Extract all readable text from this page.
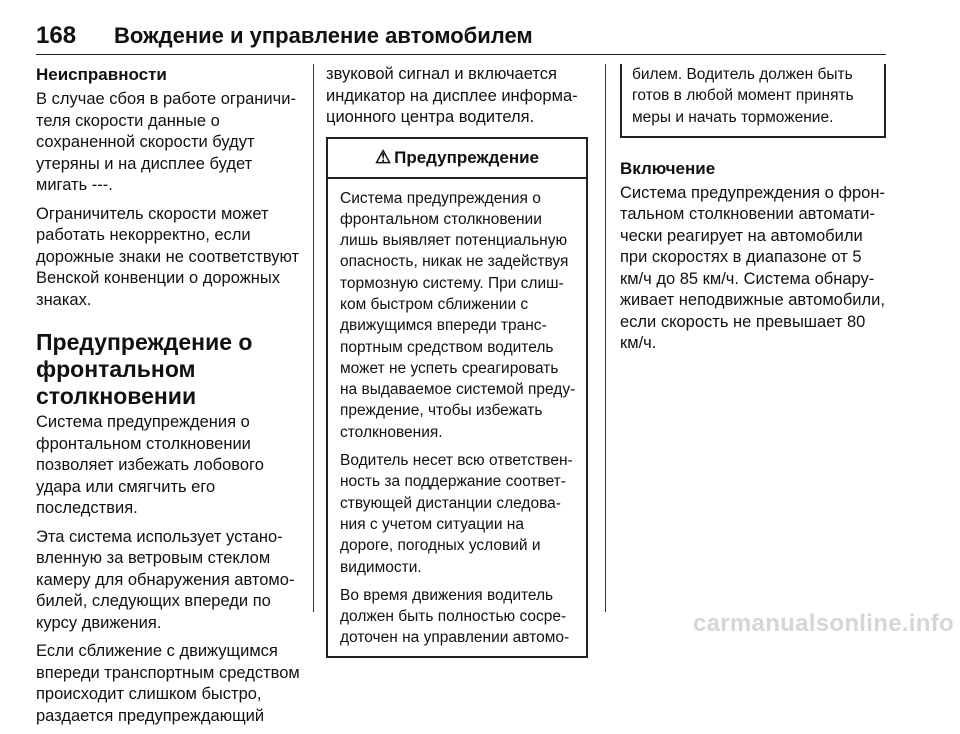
168 Вождение и управление автомобилем
Неисправности
В случае сбоя в работе ограничителя скорости данные о сохраненной скорости будут утеряны и на дисплее будет мигать ---.
Ограничитель скорости может работать некорректно, если дорожные знаки не соответствуют Венской конвенции о дорожных знаках.
Предупреждение о фронтальном столкновении
Система предупреждения о фронтальном столкновении позволяет избежать лобового удара или смягчить его последствия.
Эта система использует установленную за ветровым стеклом камеру для обнаружения автомобилей, следующих впереди по курсу движения.
Если сближение с движущимся впереди транспортным средством происходит слишком быстро, раздается предупреждающий
звуковой сигнал и включается индикатор на дисплее информационного центра водителя.
⚠ Предупреждение
Система предупреждения о фронтальном столкновении лишь выявляет потенциальную опасность, никак не задействуя тормозную систему. При слишком быстром сближении с движущимся впереди транспортным средством водитель может не успеть среагировать на выдаваемое системой предупреждение, чтобы избежать столкновения.
Водитель несет всю ответственность за поддержание соответствующей дистанции следования с учетом ситуации на дороге, погодных условий и видимости.
Во время движения водитель должен быть полностью сосредоточен на управлении автомо-
билем. Водитель должен быть готов в любой момент принять меры и начать торможение.
Включение
Система предупреждения о фронтальном столкновении автоматически реагирует на автомобили при скоростях в диапазоне от 5 км/ч до 85 км/ч. Система обнаруживает неподвижные автомобили, если скорость не превышает 80 км/ч.
carmanualsonline.info
